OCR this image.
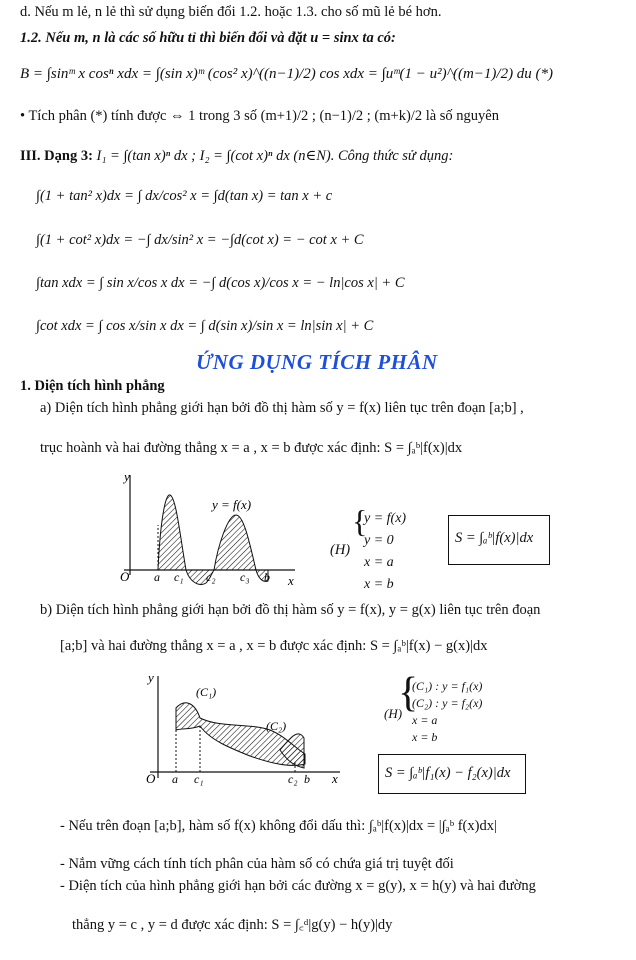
d. Nếu m lẻ, n lẻ thì sử dụng biến đổi 1.2. hoặc 1.3. cho số mũ lẻ bé hơn.
1.2. Nếu m, n là các số hữu tỉ thì biến đổi và đặt u = sinx ta có:
B = ∫sinᵐ x cosⁿ xdx = ∫(sin x)ᵐ (cos² x)^((n−1)/2) cos xdx = ∫uᵐ(1 − u²)^((m−1)/2) du (*)
• Tích phân (*) tính được ⇔ 1 trong 3 số (m+1)/2 ; (n−1)/2 ; (m+k)/2 là số nguyên
III. Dạng 3: I₁ = ∫(tan x)ⁿ dx ; I₂ = ∫(cot x)ⁿ dx (n∈N). Công thức sử dụng:
∫(1 + tan² x)dx = ∫ dx/cos² x = ∫d(tan x) = tan x + c
∫(1 + cot² x)dx = −∫ dx/sin² x = −∫d(cot x) = − cot x + C
∫tan xdx = ∫ sin x/cos x dx = −∫ d(cos x)/cos x = − ln|cos x| + C
∫cot xdx = ∫ cos x/sin x dx = ∫ d(sin x)/sin x = ln|sin x| + C
ỨNG DỤNG TÍCH PHÂN
1. Diện tích hình phẳng
a) Diện tích hình phẳng giới hạn bởi đồ thị hàm số y = f(x) liên tục trên đoạn [a;b] ,
trục hoành và hai đường thẳng x = a , x = b được xác định: S = ∫ₐᵇ|f(x)|dx
y
x
y = f(x)
O a c₁ c₂ c₃ b
(H)
{
y = f(x)
y = 0
x = a
x = b
S = ∫ₐᵇ|f(x)|dx
b) Diện tích hình phẳng giới hạn bởi đồ thị hàm số y = f(x), y = g(x) liên tục trên đoạn
[a;b] và hai đường thẳng x = a , x = b được xác định: S = ∫ₐᵇ|f(x) − g(x)|dx
y
x
(C₁)
(C₂)
O a c₁	c₂ b
(H)
{
(C₁) : y = f₁(x)
(C₂) : y = f₂(x)
x = a
x = b
S = ∫ₐᵇ|f₁(x) − f₂(x)|dx
- Nếu trên đoạn [a;b], hàm số f(x) không đổi dấu thì: ∫ₐᵇ|f(x)|dx = |∫ₐᵇ f(x)dx|
- Nắm vững cách tính tích phân của hàm số có chứa giá trị tuyệt đối
- Diện tích của hình phẳng giới hạn bởi các đường x = g(y), x = h(y) và hai đường
thẳng y = c , y = d được xác định: S = ∫꜀ᵈ|g(y) − h(y)|dy
